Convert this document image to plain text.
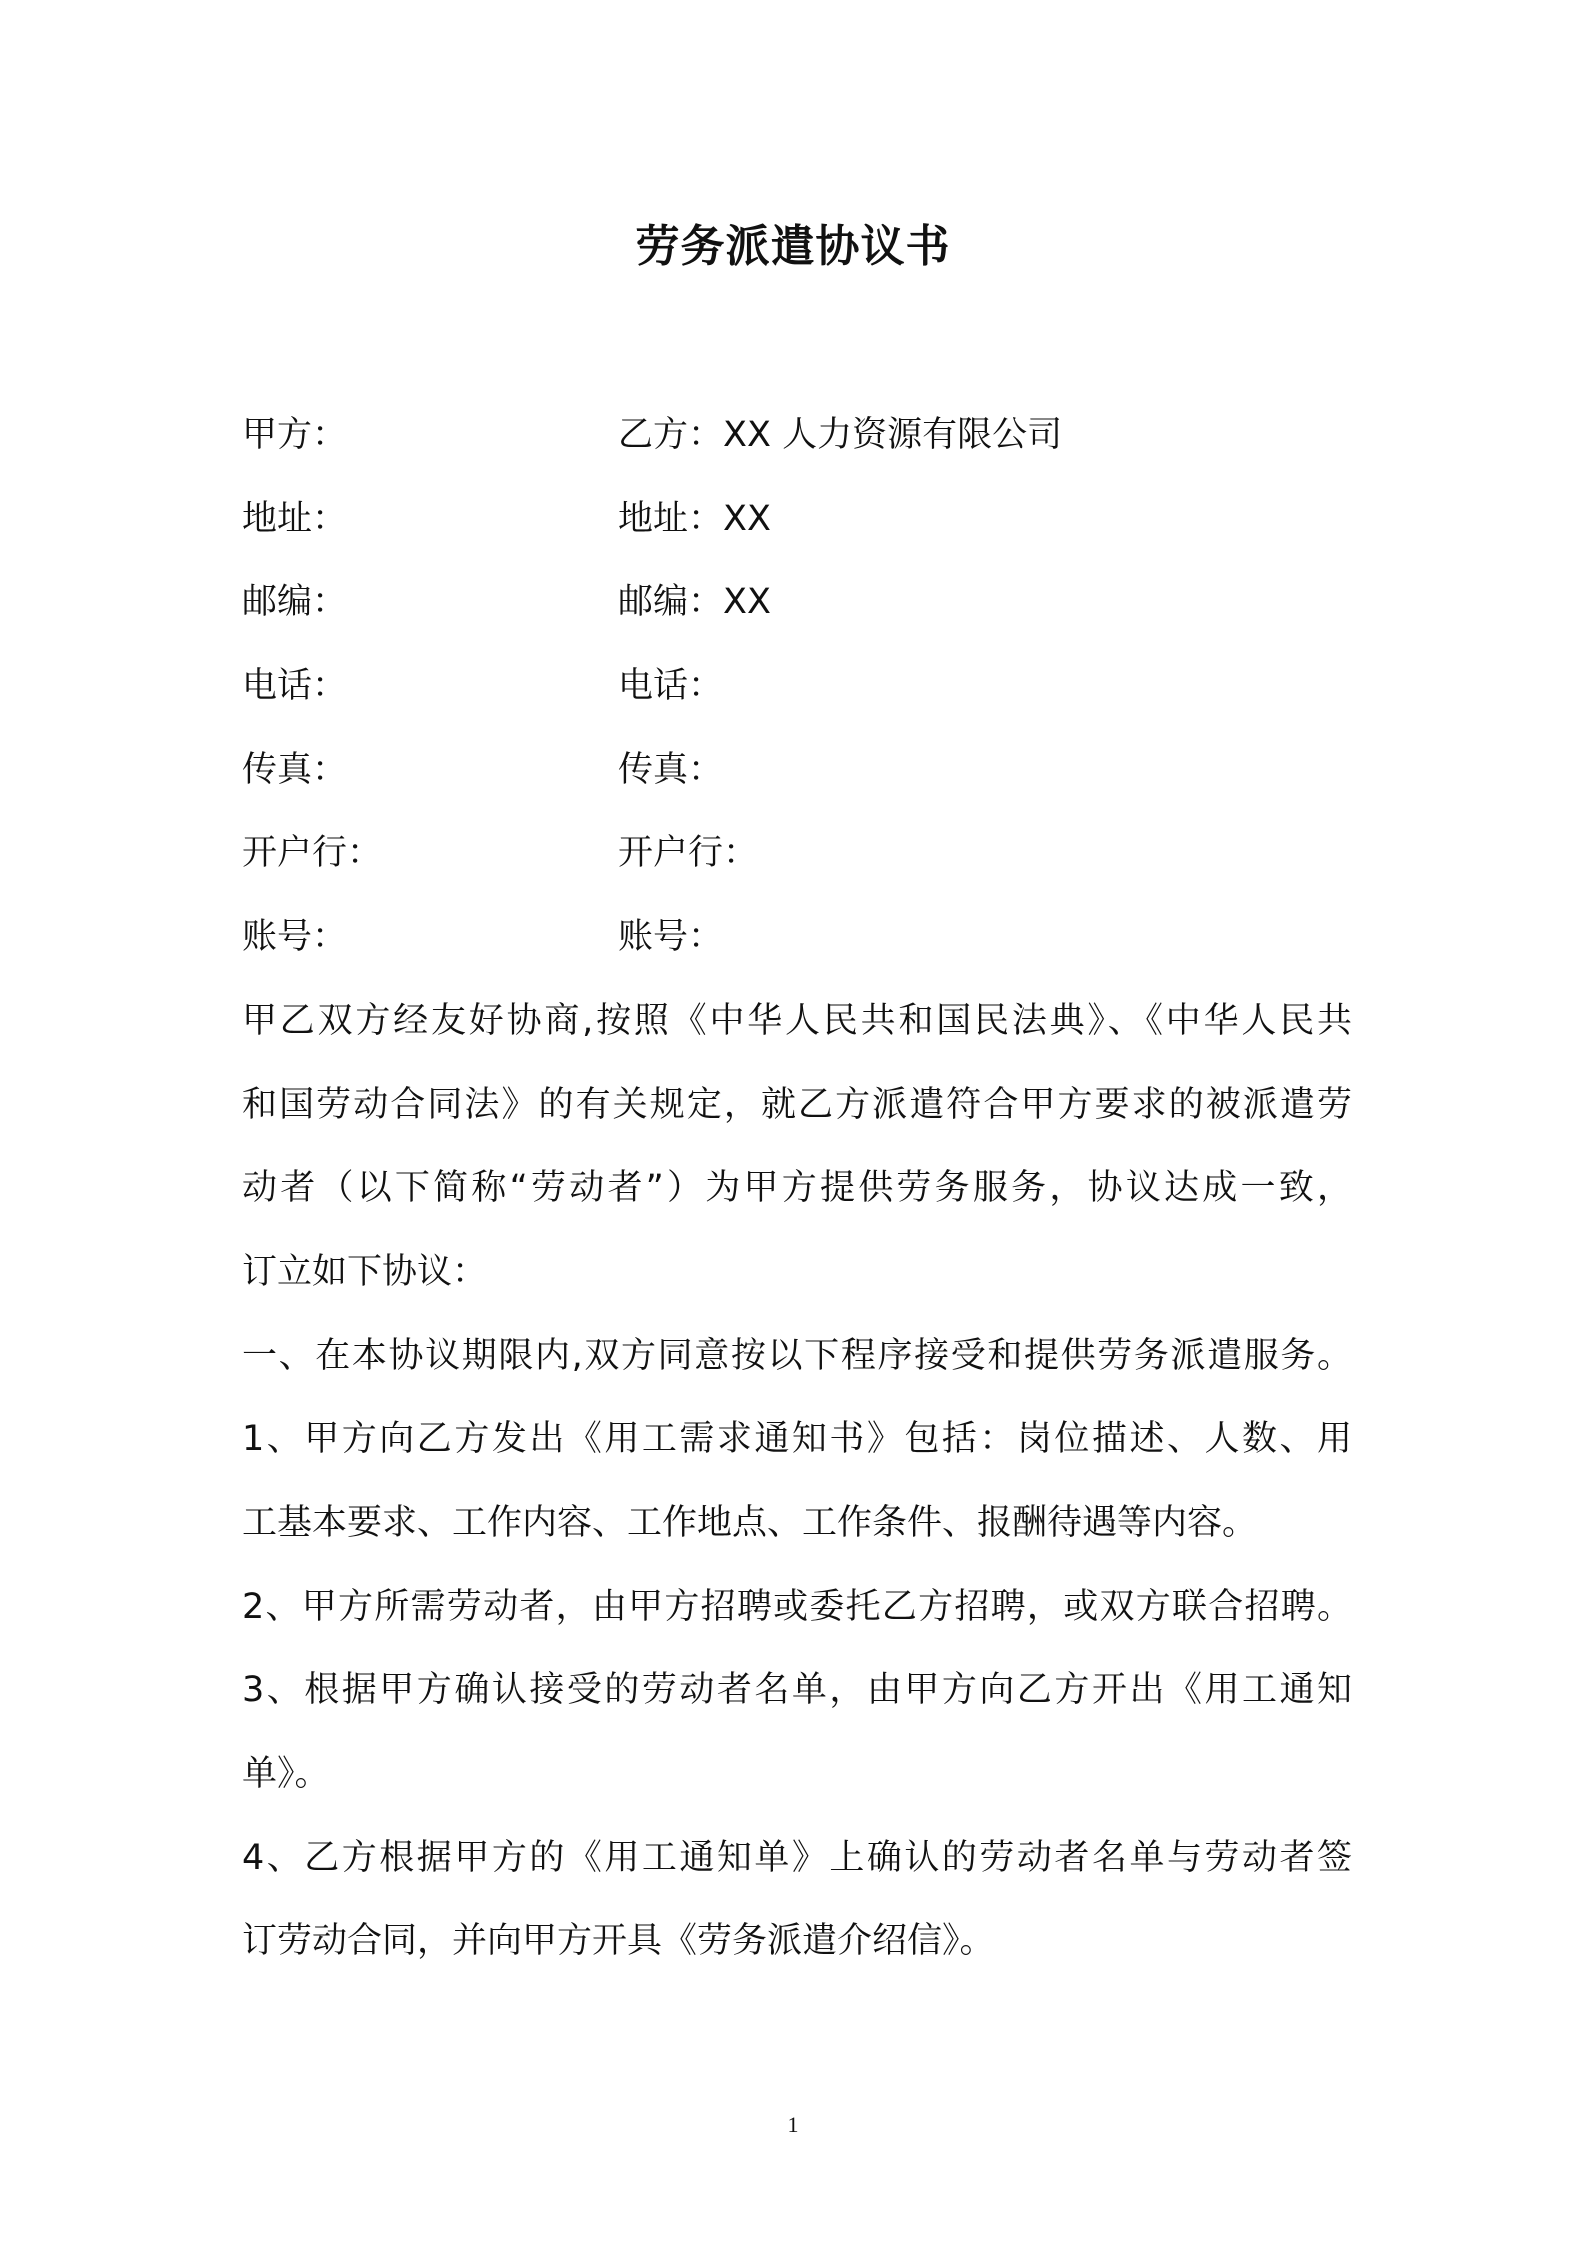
劳务派遣协议书
甲方：	乙方：XX 人力资源有限公司
地址：	地址：XX
邮编：	邮编：XX
电话：	电话：
传真：	传真：
开户行：	开户行：
账号：	账号：
甲乙双方经友好协商,按照《中华人民共和国民法典》、《中华人民共
和国劳动合同法》的有关规定，就乙方派遣符合甲方要求的被派遣劳
动者（以下简称“劳动者”）为甲方提供劳务服务，协议达成一致，
订立如下协议：
一、在本协议期限内,双方同意按以下程序接受和提供劳务派遣服务。
1、甲方向乙方发出《用工需求通知书》包括：岗位描述、人数、用
工基本要求、工作内容、工作地点、工作条件、报酬待遇等内容。
2、甲方所需劳动者，由甲方招聘或委托乙方招聘，或双方联合招聘。
3、根据甲方确认接受的劳动者名单，由甲方向乙方开出《用工通知
单》。
4、乙方根据甲方的《用工通知单》上确认的劳动者名单与劳动者签
订劳动合同，并向甲方开具《劳务派遣介绍信》。
1
